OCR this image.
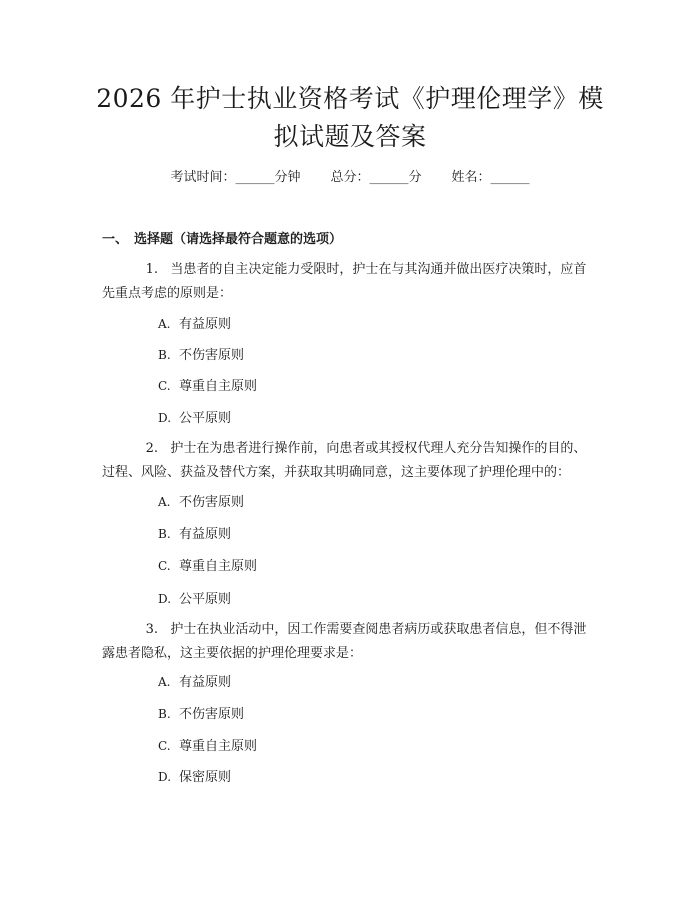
2026 年护士执业资格考试《护理伦理学》模
拟试题及答案
考试时间：______分钟 总分：______分 姓名：______
一、 选择题（请选择最符合题意的选项）
1. 当患者的自主决定能力受限时，护士在与其沟通并做出医疗决策时，应首
先重点考虑的原则是：
A. 有益原则
B. 不伤害原则
C. 尊重自主原则
D. 公平原则
2. 护士在为患者进行操作前，向患者或其授权代理人充分告知操作的目的、
过程、风险、获益及替代方案，并获取其明确同意，这主要体现了护理伦理中的：
A. 不伤害原则
B. 有益原则
C. 尊重自主原则
D. 公平原则
3. 护士在执业活动中，因工作需要查阅患者病历或获取患者信息，但不得泄
露患者隐私，这主要依据的护理伦理要求是：
A. 有益原则
B. 不伤害原则
C. 尊重自主原则
D. 保密原则
